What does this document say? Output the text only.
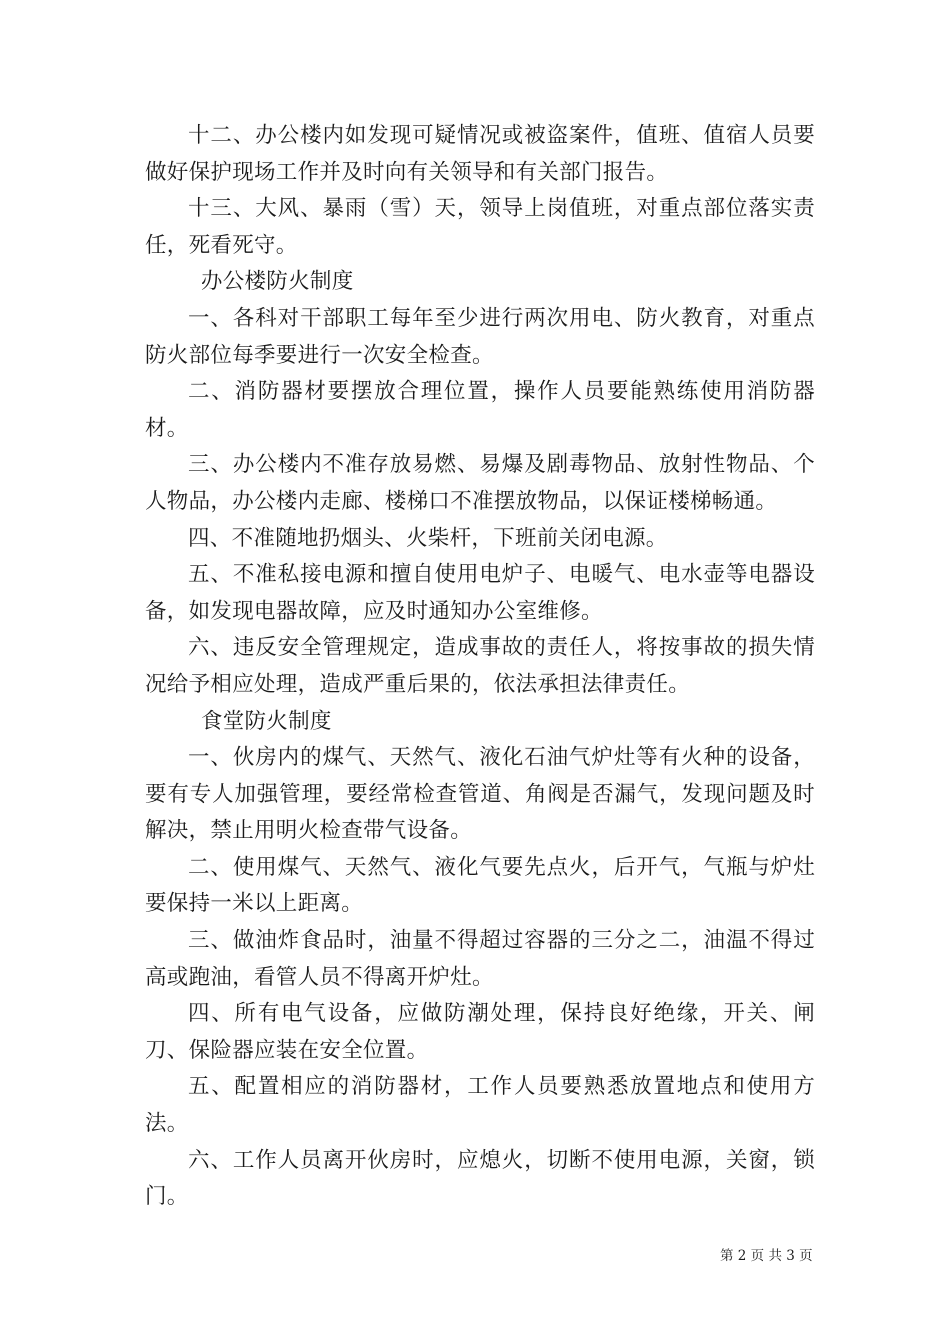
十二、办公楼内如发现可疑情况或被盗案件，值班、值宿人员要做好保护现场工作并及时向有关领导和有关部门报告。

十三、大风、暴雨（雪）天，领导上岗值班，对重点部位落实责任，死看死守。

办公楼防火制度

一、各科对干部职工每年至少进行两次用电、防火教育，对重点防火部位每季要进行一次安全检查。

二、消防器材要摆放合理位置，操作人员要能熟练使用消防器材。

三、办公楼内不准存放易燃、易爆及剧毒物品、放射性物品、个人物品，办公楼内走廊、楼梯口不准摆放物品，以保证楼梯畅通。

四、不准随地扔烟头、火柴杆，下班前关闭电源。

五、不准私接电源和擅自使用电炉子、电暖气、电水壶等电器设备，如发现电器故障，应及时通知办公室维修。

六、违反安全管理规定，造成事故的责任人，将按事故的损失情况给予相应处理，造成严重后果的，依法承担法律责任。

食堂防火制度

一、伙房内的煤气、天然气、液化石油气炉灶等有火种的设备，要有专人加强管理，要经常检查管道、角阀是否漏气，发现问题及时解决，禁止用明火检查带气设备。

二、使用煤气、天然气、液化气要先点火，后开气，气瓶与炉灶要保持一米以上距离。

三、做油炸食品时，油量不得超过容器的三分之二，油温不得过高或跑油，看管人员不得离开炉灶。

四、所有电气设备，应做防潮处理，保持良好绝缘，开关、闸刀、保险器应装在安全位置。

五、配置相应的消防器材，工作人员要熟悉放置地点和使用方法。

六、工作人员离开伙房时，应熄火，切断不使用电源，关窗，锁门。

第 2 页 共 3 页
